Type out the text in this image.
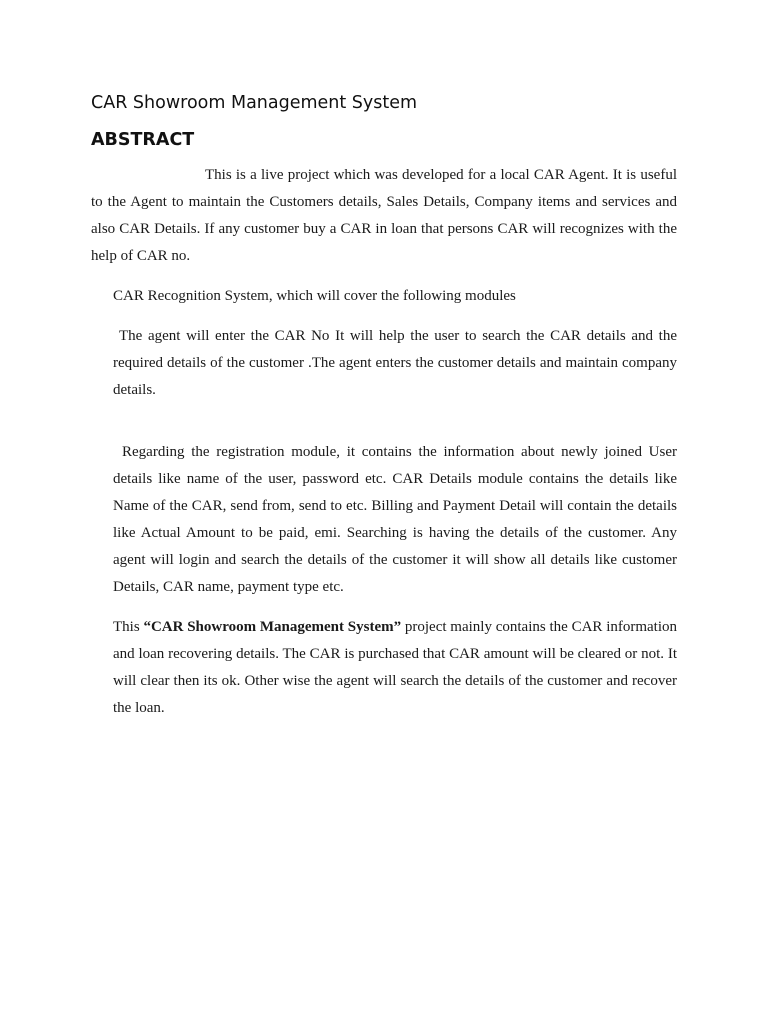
CAR Showroom Management System
ABSTRACT

This is a live project which was developed for a local CAR Agent. It is useful to the Agent to maintain the Customers details, Sales Details, Company items and services and also CAR Details. If any customer buy a CAR in loan that persons CAR will recognizes with the help of CAR no.

CAR Recognition System, which will cover the following modules

The agent will enter the CAR No It will help the user to search the CAR details and the required details of the customer .The agent enters the customer details and maintain company details.

Regarding the registration module, it contains the information about newly joined User details like name of the user, password etc. CAR Details module contains the details like Name of the CAR, send from, send to etc. Billing and Payment Detail will contain the details like Actual Amount to be paid, emi. Searching is having the details of the customer. Any agent will login and search the details of the customer it will show all details like customer Details, CAR name, payment type etc.

This “CAR Showroom Management System” project mainly contains the CAR information and loan recovering details. The CAR is purchased that CAR amount will be cleared or not. It will clear then its ok. Other wise the agent will search the details of the customer and recover the loan.
